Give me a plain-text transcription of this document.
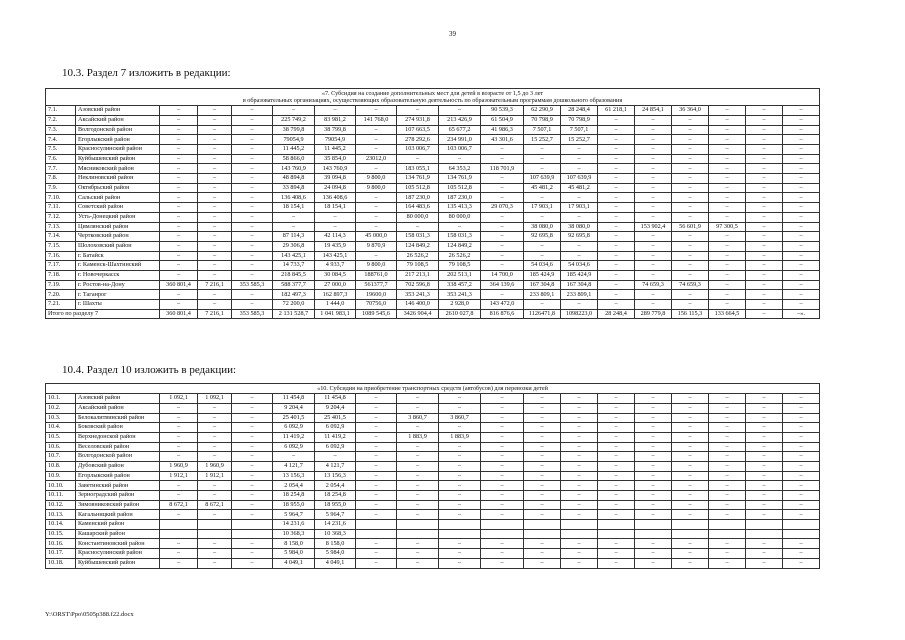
39
10.3. Раздел 7 изложить в редакции:
«7. Субсидия на создание дополнительных мест для детей в возрасте от 1,5 до 3 лет
в образовательных организациях, осуществляющих образовательную деятельность по образовательным программам дошкольного образования																		

7.1.	Азовский район	–	–	–	–	–	–	–	–	90 539,3	62 290,9	28 248,4	61 218,1	24 854,1	36 364,0	–	–	–
7.2.	Аксайский район	–	–	–	225 749,2	83 981,2	141 768,0	274 931,8	213 426,9	61 504,9	70 798,9	70 798,9	–	–	–	–	–	–
7.3.	Волгодонской район	–	–	–	38 799,8	38 799,8	–	107 663,5	65 677,2	41 986,3	7 507,1	7 507,1	–	–	–	–	–	–
7.4.	Егорлыкский район	–	–	–	79054,9	79054,9	–	278 292,6	234 991,0	43 301,6	15 252,7	15 252,7	–	–	–	–	–	–
7.5.	Красносулинский район	–	–	–	11 445,2	11 445,2	–	103 006,7	103 006,7	–	–	–	–	–	–	–	–	–
7.6.	Куйбышевский район	–	–	–	58 866,0	35 854,0	23012,0	–	–	–	–	–	–	–	–	–	–	–
7.7.	Мясниковский район	–	–	–	143 760,9	143 760,9	–	183 055,1	64 353,2	118 701,9	–	–	–	–	–	–	–	–
7.8.	Неклиновский район	–	–	–	48 894,8	39 094,8	9 800,0	134 761,9	134 761,9	–	107 639,9	107 639,9	–	–	–	–	–	–
7.9.	Октябрьский район	–	–	–	33 894,8	24 094,8	9 800,0	105 512,8	105 512,8	–	45 481,2	45 481,2	–	–	–	–	–	–
7.10.	Сальский район	–	–	–	136 408,6	136 408,6	–	187 230,0	187 230,0	–	–	–	–	–	–	–	–	–
7.11.	Советский район	–	–	–	18 154,1	18 154,1	–	164 483,6	135 413,3	29 070,3	17 903,1	17 903,1	–	–	–	–	–	–
7.12.	Усть-Донецкий район	–	–	–	–	–	–	80 000,0	80 000,0	–	–	–	–	–	–	–	–	–
7.13.	Цимлянский район	–	–	–	–	–	–	–	–	–	38 080,0	38 080,0	–	153 902,4	56 601,9	97 300,5	–	–
7.14.	Чертковский район	–	–	–	87 114,3	42 114,3	45 000,0	158 031,3	158 031,3	–	92 695,8	92 695,8	–	–	–	–	–	–
7.15.	Шолоховский район	–	–	–	29 306,8	19 435,9	9 870,9	124 849,2	124 849,2	–	–	–	–	–	–	–	–	–
7.16.	г. Батайск	–	–	–	143 425,1	143 425,1	–	26 526,2	26 526,2	–	–	–	–	–	–	–	–	–
7.17.	г. Каменск-Шахтинский	–	–	–	14 733,7	4 933,7	9 800,0	79 108,5	79 108,5	–	54 034,6	54 034,6	–	–	–	–	–	–
7.18.	г. Новочеркасск	–	–	–	218 845,5	30 084,5	188761,0	217 213,1	202 513,1	14 700,0	185 424,9	185 424,9	–	–	–	–	–	–
7.19.	г. Ростов-на-Дону	360 801,4	7 216,1	353 585,3	588 377,7	27 000,0	561377,7	702 596,8	338 457,2	364 139,6	167 304,8	167 304,8	–	74 659,3	74 659,3	–	–	–
7.20.	г. Таганрог	–	–	–	182 497,3	162 897,3	19600,0	353 241,3	353 241,3	–	233 809,1	233 809,1	–	–	–	–	–	–
7.21.	г. Шахты	–	–	–	72 200,0	1 444,0	70756,0	146 400,0	2 928,0	143 472,0	–	–	–	–	–	–	–	–
Итого по разделу 7		360 801,4	7 216,1	353 585,3	2 131 528,7	1 041 983,1	1089 545,6	3426 904,4	2610 027,8	816 876,6	1126471,8	1098223,0	28 248,4	289 779,8	156 115,3	133 664,5	–	–».
10.4. Раздел 10 изложить в редакции:
«10. Субсидия на приобретение транспортных средств (автобусов) для перевозки детей																		
10.1.	Азовский район	1 092,1	1 092,1	–	11 454,8	11 454,8	–	–	–	–	–	–	–	–	–	–	–	–
10.2.	Аксайский район	–	–	–	9 204,4	9 204,4	–	–	–	–	–	–	–	–	–	–	–	–
10.3.	Белокалитвинский район	–	–	–	25 401,5	25 401,5	–	3 860,7	3 860,7	–	–	–	–	–	–	–	–	–
10.4.	Боковский район	–	–	–	6 092,9	6 092,9	–	–	–	–	–	–	–	–	–	–	–	–
10.5.	Верхнедонской район	–	–	–	11 419,2	11 419,2	–	1 883,9	1 883,9	–	–	–	–	–	–	–	–	–
10.6.	Веселовский район	–	–	–	6 092,9	6 092,9	–	–	–	–	–	–	–	–	–	–	–	–
10.7.	Волгодонской район	–	–	–	–	–	–	–	–	–	–	–	–	–	–	–	–	–
10.8.	Дубовский район	1 960,9	1 960,9	–	4 121,7	4 121,7	–	–	–	–	–	–	–	–	–	–	–	–
10.9.	Егорлыкский район	1 912,1	1 912,1	–	13 156,3	13 156,3	–	–	–	–	–	–	–	–	–	–	–	–
10.10.	Заветинский район	–	–	–	2 054,4	2 054,4	–	–	–	–	–	–	–	–	–	–	–	–
10.11.	Зерноградский район	–	–	–	18 254,8	18 254,8	–	–	–	–	–	–	–	–	–	–	–	–
10.12.	Зимовниковский район	8 672,1	8 672,1	–	18 955,0	18 955,0	–	–	–	–	–	–	–	–	–	–	–	–
10.13.	Кагальницкий район	–	–	–	5 964,7	5 964,7	–	–	–	–	–	–	–	–	–	–	–	–
10.14.	Каменский район				14 231,6	14 231,6												
10.15.	Кашарский район				10 368,3	10 368,3												
10.16.	Константиновский район	–	–	–	8 158,0	8 158,0	–	–	–	–	–	–	–	–	–	–	–	–
10.17.	Красносулинский район	–	–	–	5 984,0	5 984,0	–	–	–	–	–	–	–	–	–	–	–	–
10.18.	Куйбышевский район	–	–	–	4 049,1	4 049,1	–	–	–	–	–	–	–	–	–	–	–	–
Y:\ORST\Ppo\0505p388.f22.docx
